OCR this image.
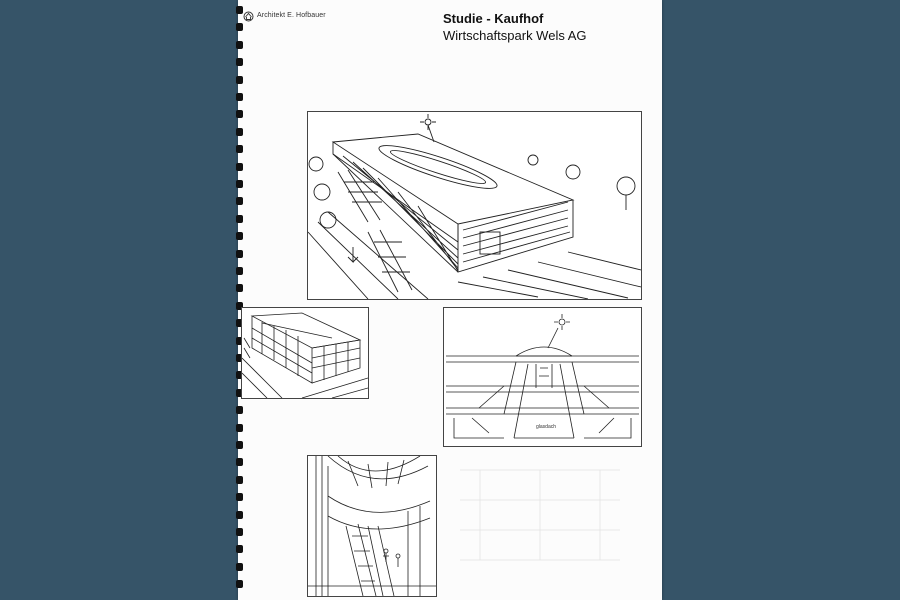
Architekt E. Hofbauer	Studie - Kaufhof
Wirtschaftspark Wels AG
glasdach
